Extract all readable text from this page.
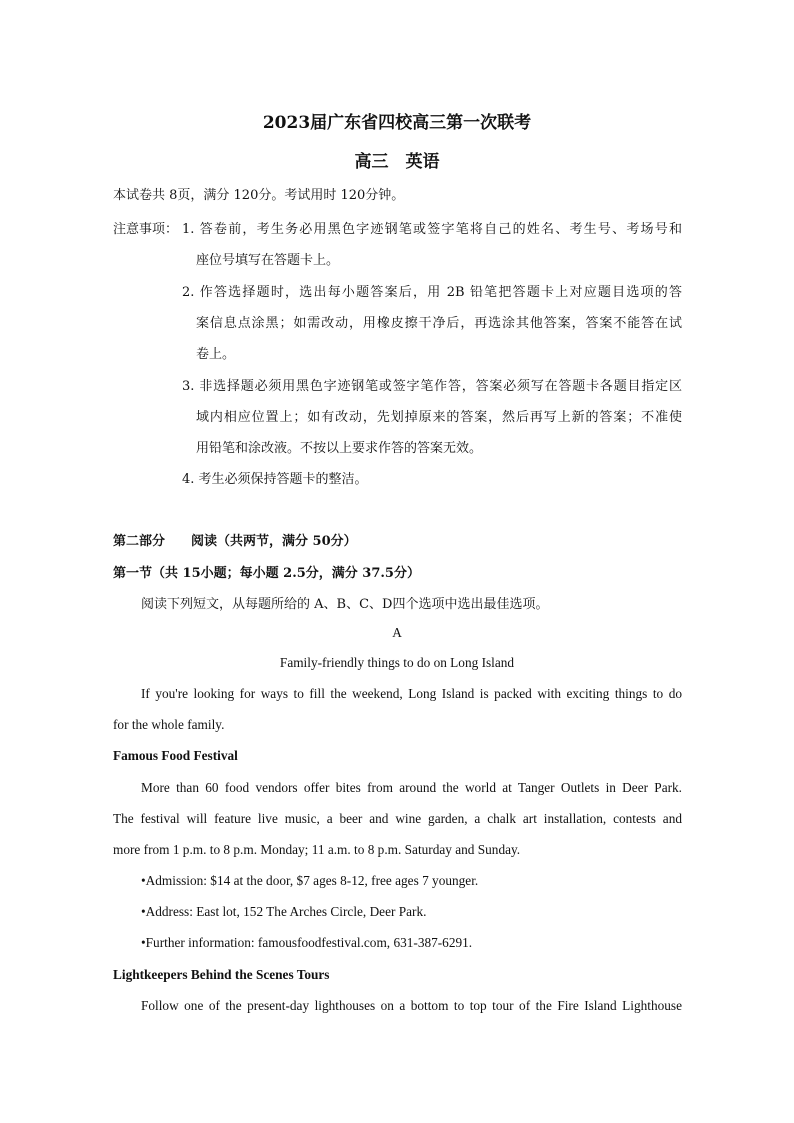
2023届广东省四校高三第一次联考
高三　英语
本试卷共 8页，满分 120分。考试用时 120分钟。
注意事项： 1. 答卷前，考生务必用黑色字迹钢笔或签字笔将自己的姓名、考生号、考场号和
座位号填写在答题卡上。
2. 作答选择题时，选出每小题答案后，用 2B 铅笔把答题卡上对应题目选项的答
案信息点涂黑；如需改动，用橡皮擦干净后，再选涂其他答案，答案不能答在试
卷上。
3. 非选择题必须用黑色字迹钢笔或签字笔作答，答案必须写在答题卡各题目指定区
域内相应位置上；如有改动，先划掉原来的答案，然后再写上新的答案；不准使
用铅笔和涂改液。不按以上要求作答的答案无效。
4. 考生必须保持答题卡的整洁。
第二部分　　阅读（共两节，满分 50分）
第一节（共 15小题；每小题 2.5分，满分 37.5分）
阅读下列短文，从每题所给的 A、B、C、D四个选项中选出最佳选项。
A
Family-friendly things to do on Long Island
If you're looking for ways to fill the weekend, Long Island is packed with exciting things to do
for the whole family.
Famous Food Festival
More than 60 food vendors offer bites from around the world at Tanger Outlets in Deer Park.
The festival will feature live music, a beer and wine garden, a chalk art installation, contests and
more from 1 p.m. to 8 p.m. Monday; 11 a.m. to 8 p.m. Saturday and Sunday.
•Admission: $14 at the door, $7 ages 8-12, free ages 7 younger.
•Address: East lot, 152 The Arches Circle, Deer Park.
•Further information: famousfoodfestival.com, 631-387-6291.
Lightkeepers Behind the Scenes Tours
Follow one of the present-day lighthouses on a bottom to top tour of the Fire Island Lighthouse
